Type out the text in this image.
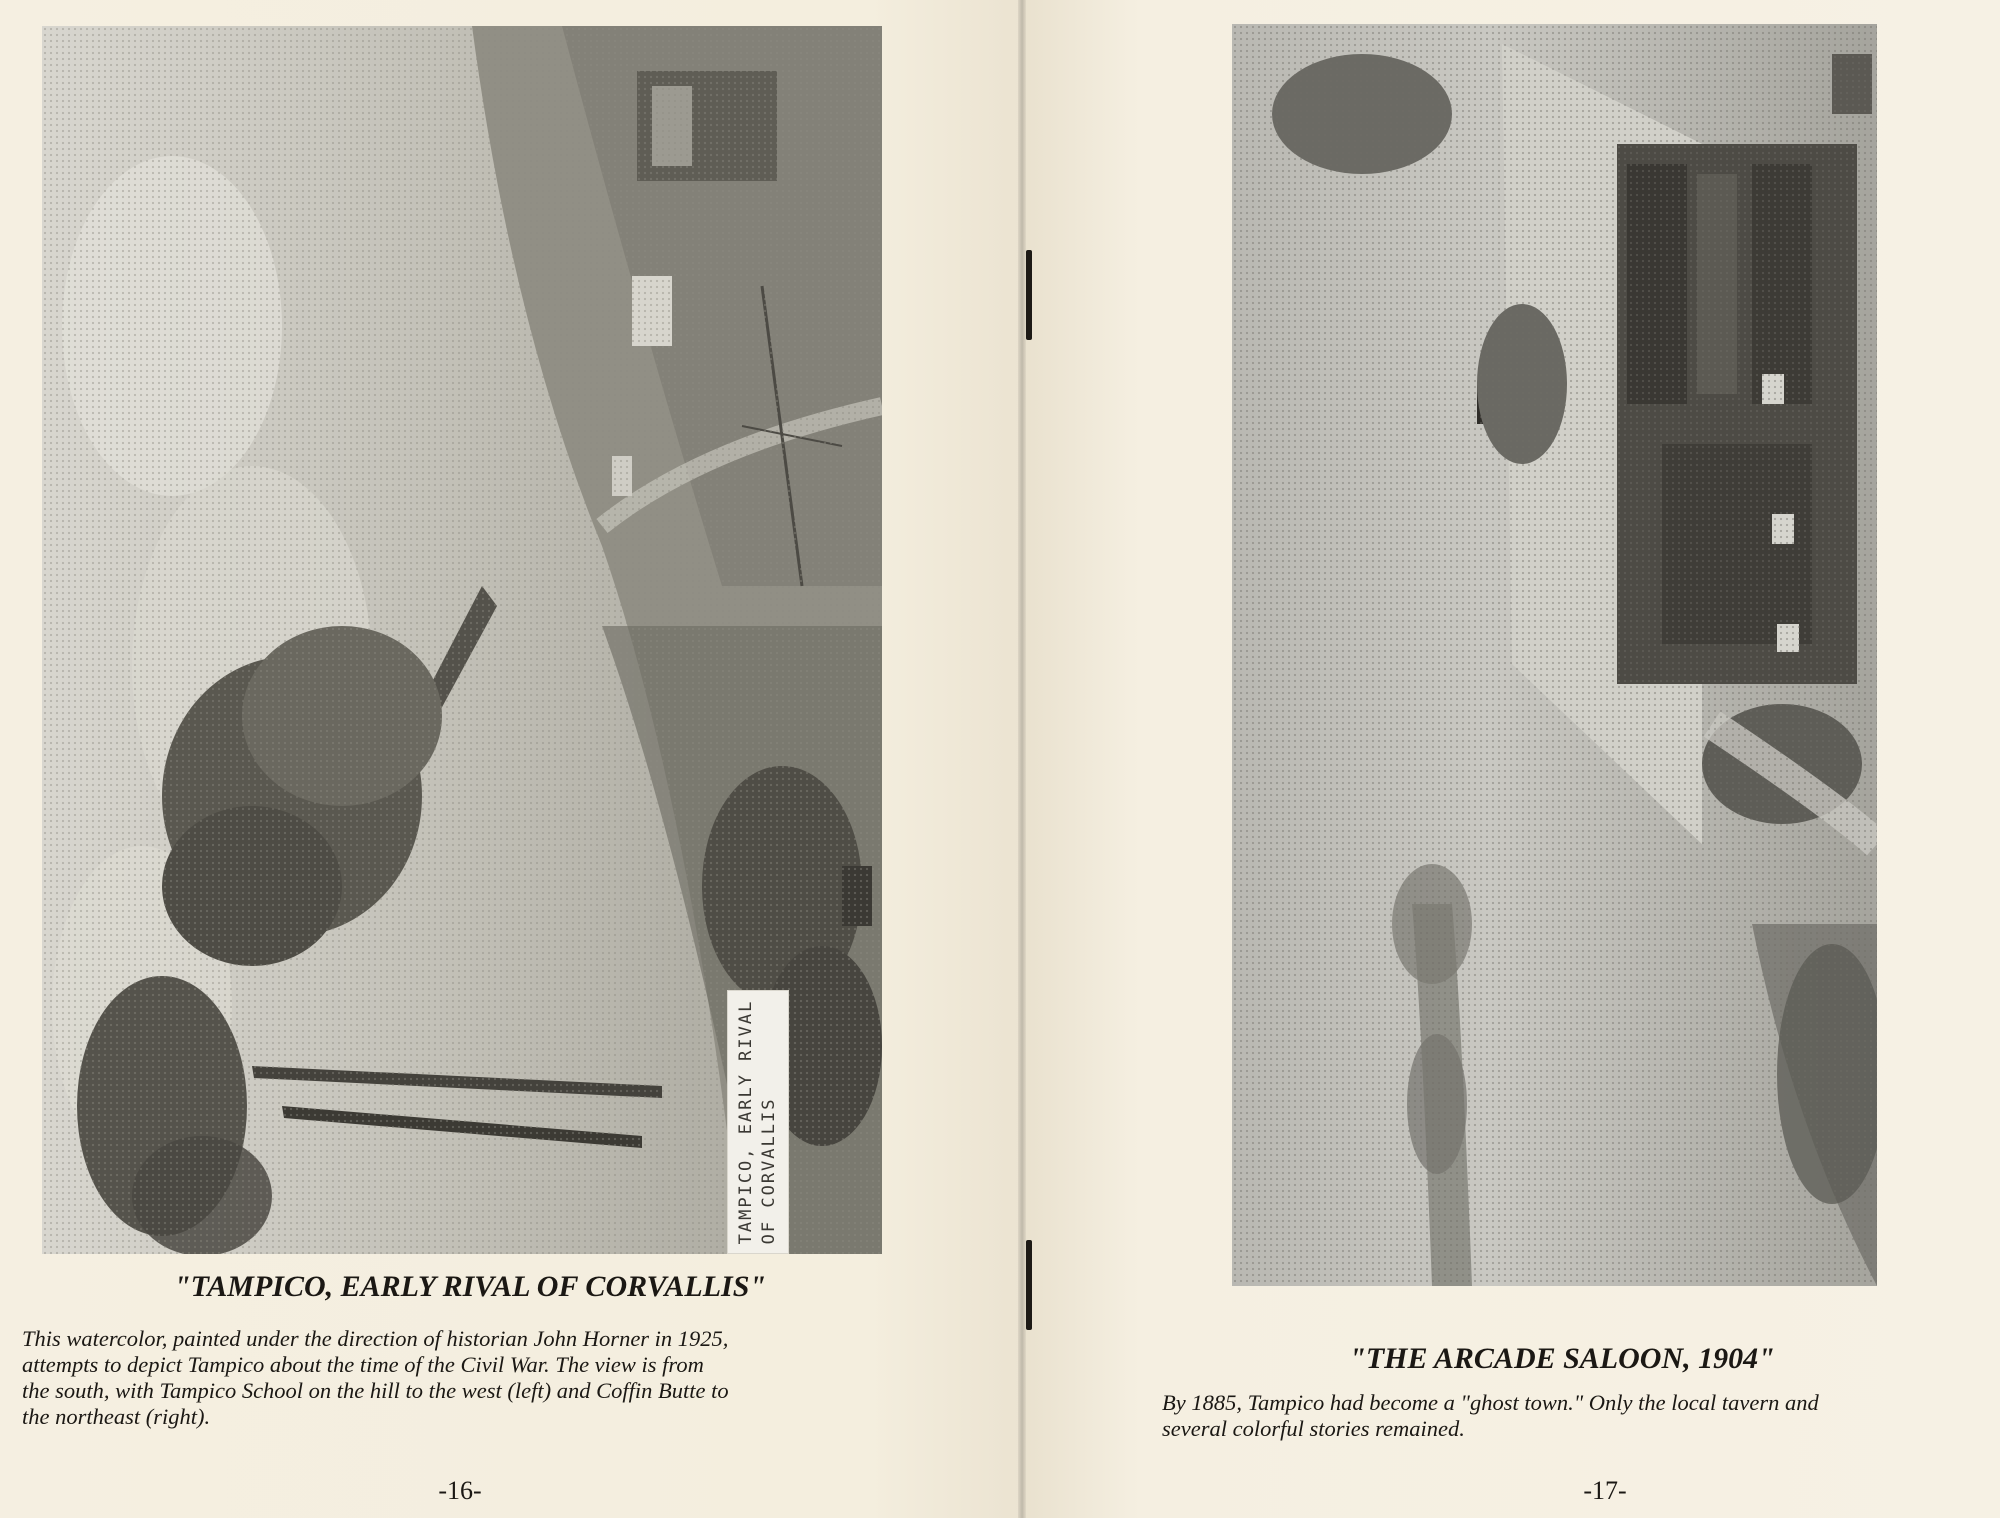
TAMPICO, EARLY RIVAL OF CORVALLIS
"TAMPICO, EARLY RIVAL OF CORVALLIS"
This watercolor, painted under the direction of historian John Horner in 1925,
attempts to depict Tampico about the time of the Civil War. The view is from
the south, with Tampico School on the hill to the west (left) and Coffin Butte to
the northeast (right).
-16-
"THE ARCADE SALOON, 1904"
By 1885, Tampico had become a "ghost town." Only the local tavern and
several colorful stories remained.
-17-
